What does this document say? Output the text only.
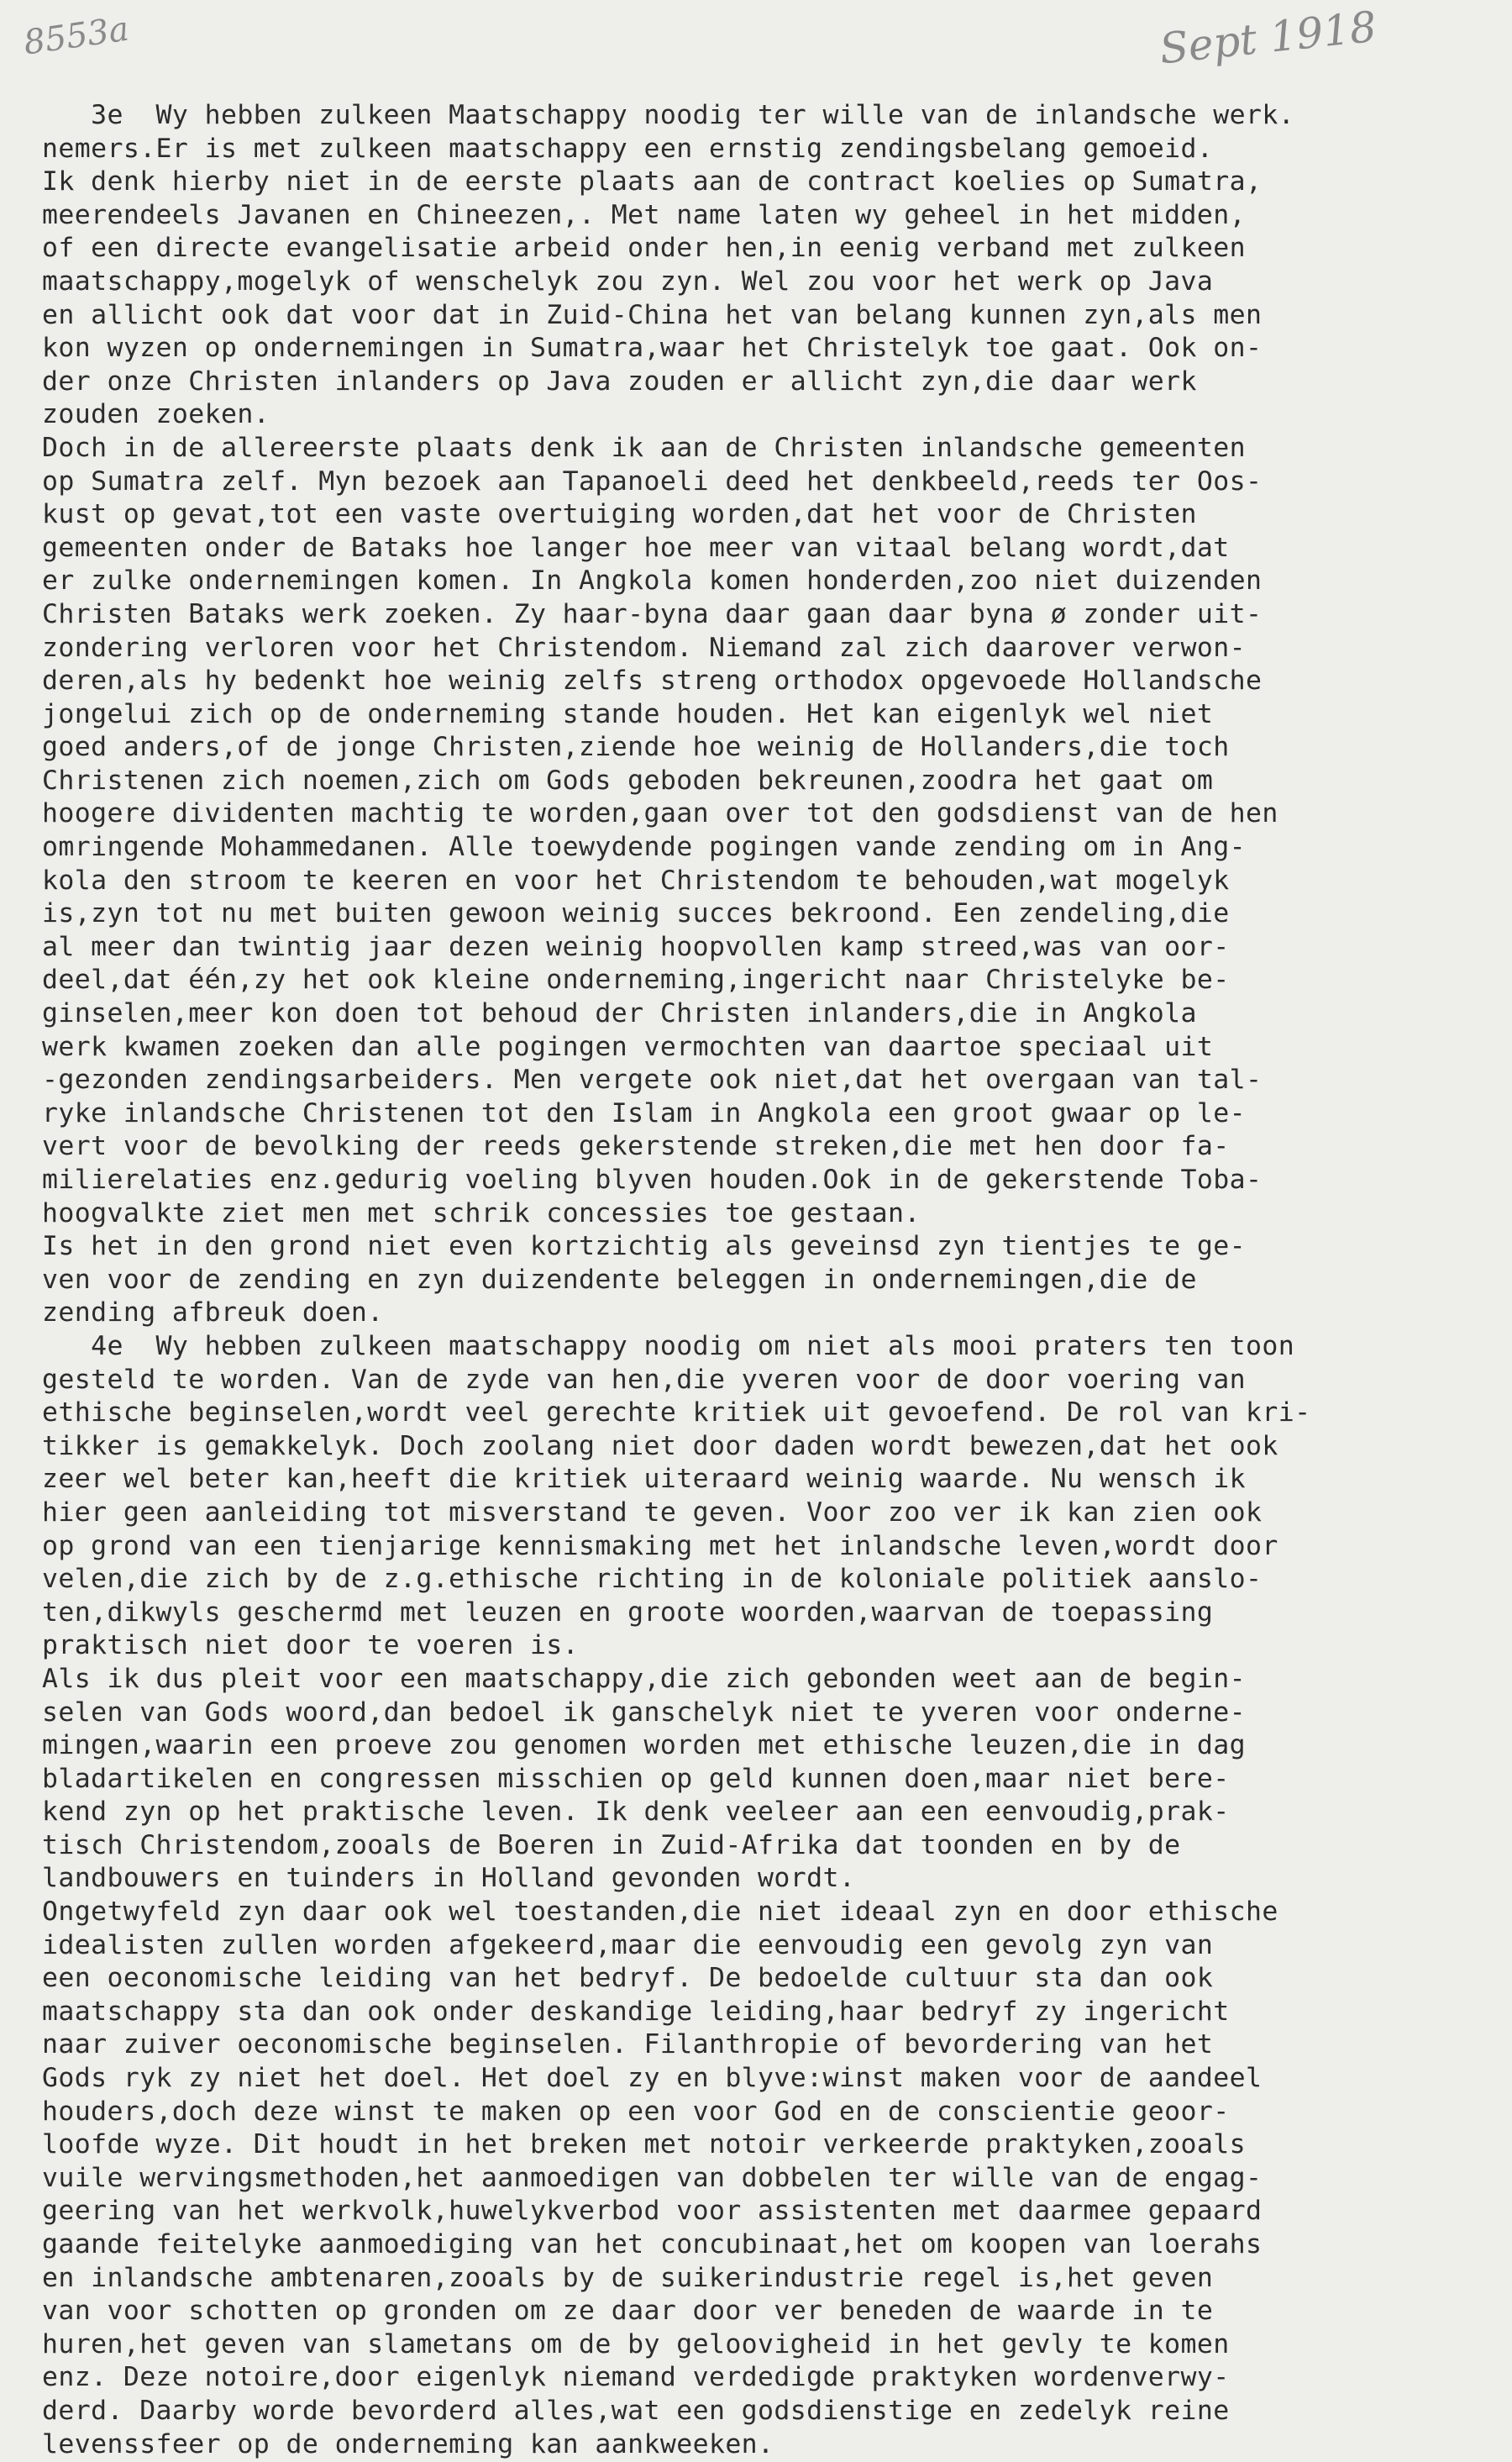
8553a	Sept 1918
3e  Wy hebben zulkeen Maatschappy noodig ter wille van de inlandsche werk.
nemers.Er is met zulkeen maatschappy een ernstig zendingsbelang gemoeid.
Ik denk hierby niet in de eerste plaats aan de contract koelies op Sumatra,
meerendeels Javanen en Chineezen,. Met name laten wy geheel in het midden,
of een directe evangelisatie arbeid onder hen,in eenig verband met zulkeen
maatschappy,mogelyk of wenschelyk zou zyn. Wel zou voor het werk op Java
en allicht ook dat voor dat in Zuid-China het van belang kunnen zyn,als men
kon wyzen op ondernemingen in Sumatra,waar het Christelyk toe gaat. Ook on-
der onze Christen inlanders op Java zouden er allicht zyn,die daar werk
zouden zoeken.
Doch in de allereerste plaats denk ik aan de Christen inlandsche gemeenten
op Sumatra zelf. Myn bezoek aan Tapanoeli deed het denkbeeld,reeds ter Oos-
kust op gevat,tot een vaste overtuiging worden,dat het voor de Christen
gemeenten onder de Bataks hoe langer hoe meer van vitaal belang wordt,dat
er zulke ondernemingen komen. In Angkola komen honderden,zoo niet duizenden
Christen Bataks werk zoeken. Zy haar-byna daar gaan daar byna ø zonder uit-
zondering verloren voor het Christendom. Niemand zal zich daarover verwon-
deren,als hy bedenkt hoe weinig zelfs streng orthodox opgevoede Hollandsche
jongelui zich op de onderneming stande houden. Het kan eigenlyk wel niet
goed anders,of de jonge Christen,ziende hoe weinig de Hollanders,die toch
Christenen zich noemen,zich om Gods geboden bekreunen,zoodra het gaat om
hoogere dividenten machtig te worden,gaan over tot den godsdienst van de hen
omringende Mohammedanen. Alle toewydende pogingen vande zending om in Ang-
kola den stroom te keeren en voor het Christendom te behouden,wat mogelyk
is,zyn tot nu met buiten gewoon weinig succes bekroond. Een zendeling,die
al meer dan twintig jaar dezen weinig hoopvollen kamp streed,was van oor-
deel,dat één,zy het ook kleine onderneming,ingericht naar Christelyke be-
ginselen,meer kon doen tot behoud der Christen inlanders,die in Angkola
werk kwamen zoeken dan alle pogingen vermochten van daartoe speciaal uit
-gezonden zendingsarbeiders. Men vergete ook niet,dat het overgaan van tal-
ryke inlandsche Christenen tot den Islam in Angkola een groot gwaar op le-
vert voor de bevolking der reeds gekerstende streken,die met hen door fa-
milierelaties enz.gedurig voeling blyven houden.Ook in de gekerstende Toba-
hoogvalkte ziet men met schrik concessies toe gestaan.
Is het in den grond niet even kortzichtig als geveinsd zyn tientjes te ge-
ven voor de zending en zyn duizendente beleggen in ondernemingen,die de
zending afbreuk doen.
4e  Wy hebben zulkeen maatschappy noodig om niet als mooi praters ten toon
gesteld te worden. Van de zyde van hen,die yveren voor de door voering van
ethische beginselen,wordt veel gerechte kritiek uit gevoefend. De rol van kri-
tikker is gemakkelyk. Doch zoolang niet door daden wordt bewezen,dat het ook
zeer wel beter kan,heeft die kritiek uiteraard weinig waarde. Nu wensch ik
hier geen aanleiding tot misverstand te geven. Voor zoo ver ik kan zien ook
op grond van een tienjarige kennismaking met het inlandsche leven,wordt door
velen,die zich by de z.g.ethische richting in de koloniale politiek aanslo-
ten,dikwyls geschermd met leuzen en groote woorden,waarvan de toepassing
praktisch niet door te voeren is.
Als ik dus pleit voor een maatschappy,die zich gebonden weet aan de begin-
selen van Gods woord,dan bedoel ik ganschelyk niet te yveren voor onderne-
mingen,waarin een proeve zou genomen worden met ethische leuzen,die in dag
bladartikelen en congressen misschien op geld kunnen doen,maar niet bere-
kend zyn op het praktische leven. Ik denk veeleer aan een eenvoudig,prak-
tisch Christendom,zooals de Boeren in Zuid-Afrika dat toonden en by de
landbouwers en tuinders in Holland gevonden wordt.
Ongetwyfeld zyn daar ook wel toestanden,die niet ideaal zyn en door ethische
idealisten zullen worden afgekeerd,maar die eenvoudig een gevolg zyn van
een oeconomische leiding van het bedryf. De bedoelde cultuur sta dan ook
maatschappy sta dan ook onder deskandige leiding,haar bedryf zy ingericht
naar zuiver oeconomische beginselen. Filanthropie of bevordering van het
Gods ryk zy niet het doel. Het doel zy en blyve:winst maken voor de aandeel
houders,doch deze winst te maken op een voor God en de conscientie geoor-
loofde wyze. Dit houdt in het breken met notoir verkeerde praktyken,zooals
vuile wervingsmethoden,het aanmoedigen van dobbelen ter wille van de engag-
geering van het werkvolk,huwelykverbod voor assistenten met daarmee gepaard
gaande feitelyke aanmoediging van het concubinaat,het om koopen van loerahs
en inlandsche ambtenaren,zooals by de suikerindustrie regel is,het geven
van voor schotten op gronden om ze daar door ver beneden de waarde in te
huren,het geven van slametans om de by geloovigheid in het gevly te komen
enz. Deze notoire,door eigenlyk niemand verdedigde praktyken wordenverwy-
derd. Daarby worde bevorderd alles,wat een godsdienstige en zedelyk reine
levenssfeer op de onderneming kan aankweeken.
